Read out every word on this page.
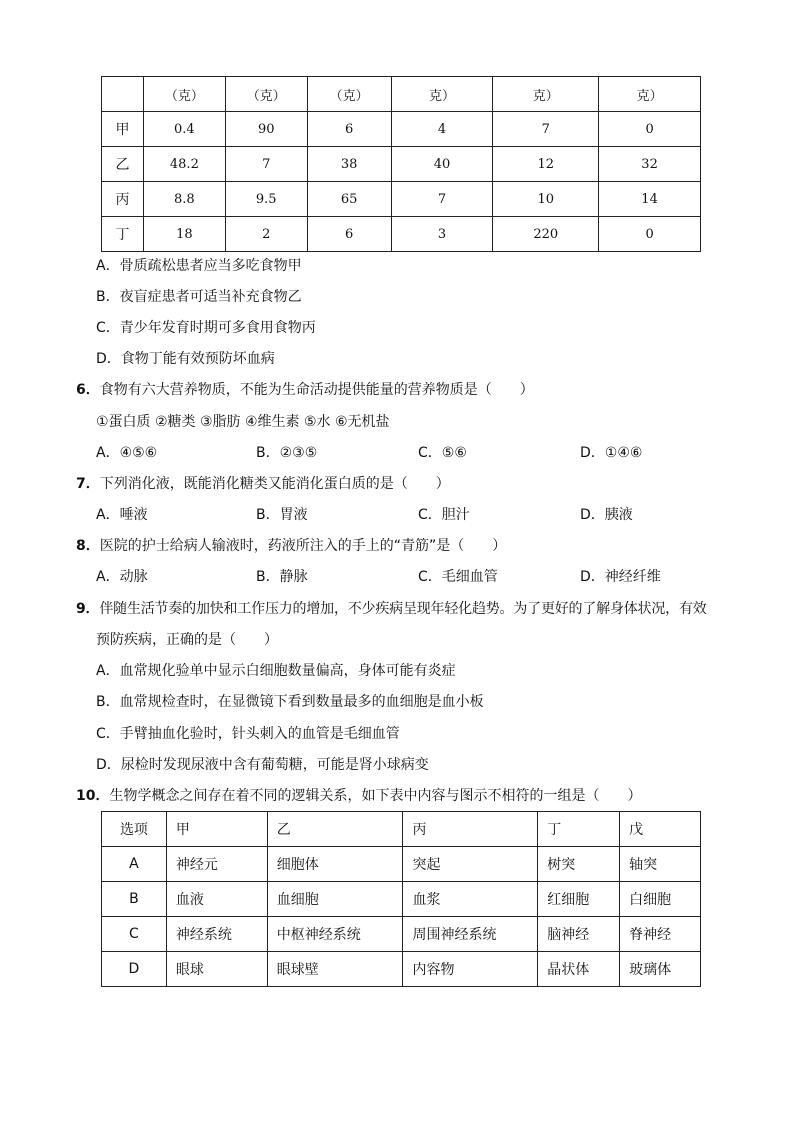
	（克）	（克）	（克）	克）	克）	克）
甲	0.4	90	6	4	7	0
乙	48.2	7	38	40	12	32
丙	8.8	9.5	65	7	10	14
丁	18	2	6	3	220	0
A．骨质疏松患者应当多吃食物甲
B．夜盲症患者可适当补充食物乙
C．青少年发育时期可多食用食物丙
D．食物丁能有效预防坏血病
6．食物有六大营养物质，不能为生命活动提供能量的营养物质是（　　）
①蛋白质 ②糖类 ③脂肪 ④维生素 ⑤水 ⑥无机盐
A．④⑤⑥	B．②③⑤	C．⑤⑥	D．①④⑥
7．下列消化液，既能消化糖类又能消化蛋白质的是（　　）
A．唾液	B．胃液	C．胆汁	D．胰液
8．医院的护士给病人输液时，药液所注入的手上的“青筋”是（　　）
A．动脉	B．静脉	C．毛细血管	D．神经纤维
9．伴随生活节奏的加快和工作压力的增加，不少疾病呈现年轻化趋势。为了更好的了解身体状况，有效
预防疾病，正确的是（　　）
A．血常规化验单中显示白细胞数量偏高，身体可能有炎症
B．血常规检查时，在显微镜下看到数量最多的血细胞是血小板
C．手臂抽血化验时，针头刺入的血管是毛细血管
D．尿检时发现尿液中含有葡萄糖，可能是肾小球病变
10．生物学概念之间存在着不同的逻辑关系，如下表中内容与图示不相符的一组是（　　）
选项	甲	乙	丙	丁	戊
A	神经元	细胞体	突起	树突	轴突
B	血液	血细胞	血浆	红细胞	白细胞
C	神经系统	中枢神经系统	周围神经系统	脑神经	脊神经
D	眼球	眼球壁	内容物	晶状体	玻璃体
